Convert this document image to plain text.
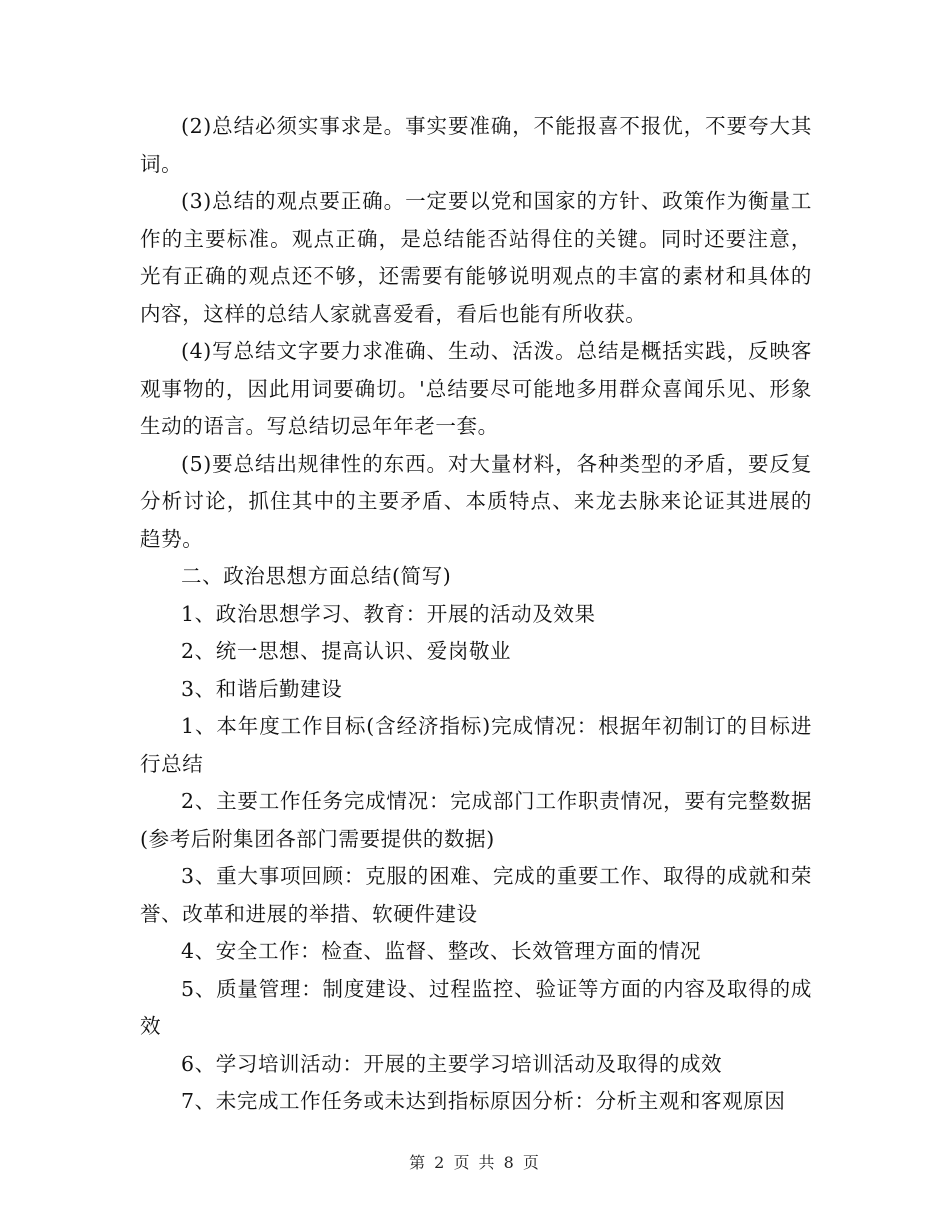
(2)总结必须实事求是。事实要准确，不能报喜不报优，不要夸大其词。

(3)总结的观点要正确。一定要以党和国家的方针、政策作为衡量工作的主要标准。观点正确，是总结能否站得住的关键。同时还要注意，光有正确的观点还不够，还需要有能够说明观点的丰富的素材和具体的内容，这样的总结人家就喜爱看，看后也能有所收获。

(4)写总结文字要力求准确、生动、活泼。总结是概括实践，反映客观事物的，因此用词要确切。'总结要尽可能地多用群众喜闻乐见、形象生动的语言。写总结切忌年年老一套。

(5)要总结出规律性的东西。对大量材料，各种类型的矛盾，要反复分析讨论，抓住其中的主要矛盾、本质特点、来龙去脉来论证其进展的趋势。

二、政治思想方面总结(简写)

1、政治思想学习、教育：开展的活动及效果

2、统一思想、提高认识、爱岗敬业

3、和谐后勤建设

1、本年度工作目标(含经济指标)完成情况：根据年初制订的目标进行总结

2、主要工作任务完成情况：完成部门工作职责情况，要有完整数据(参考后附集团各部门需要提供的数据)

3、重大事项回顾：克服的困难、完成的重要工作、取得的成就和荣誉、改革和进展的举措、软硬件建设

4、安全工作：检查、监督、整改、长效管理方面的情况

5、质量管理：制度建设、过程监控、验证等方面的内容及取得的成效

6、学习培训活动：开展的主要学习培训活动及取得的成效

7、未完成工作任务或未达到指标原因分析：分析主观和客观原因

第 2 页 共 8 页
